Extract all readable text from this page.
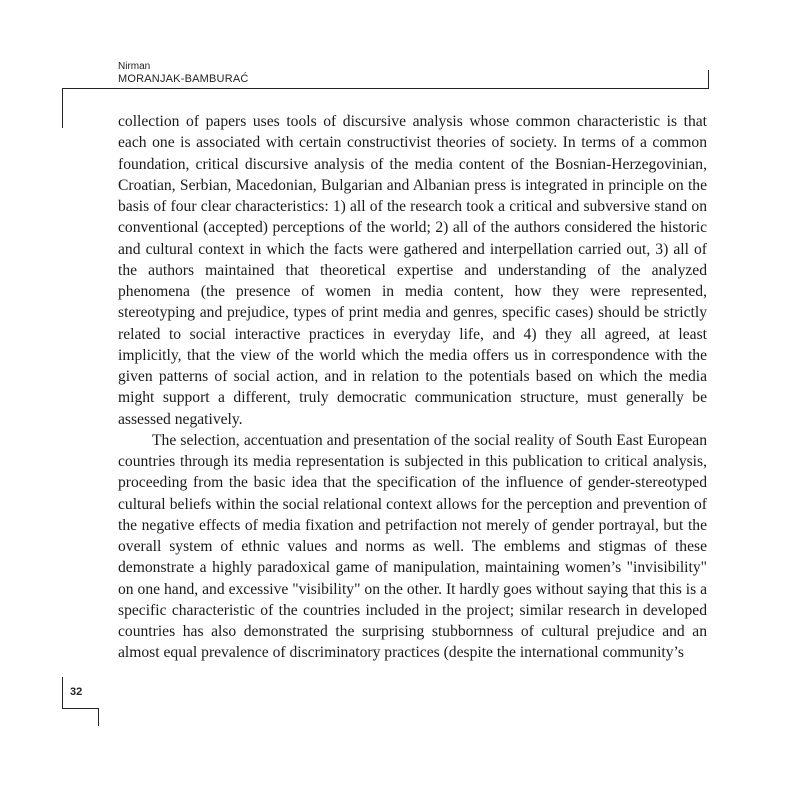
Nirman
MORANJAK-BAMBURAĆ

collection of papers uses tools of discursive analysis whose common characteristic is that each one is associated with certain constructivist theories of society. In terms of a common foundation, critical discursive analysis of the media content of the Bosnian-Herzegovinian, Croatian, Serbian, Macedonian, Bulgarian and Albanian press is integrated in principle on the basis of four clear characteristics: 1) all of the research took a critical and subversive stand on conventional (accepted) perceptions of the world; 2) all of the authors considered the historic and cultural context in which the facts were gathered and interpellation carried out, 3) all of the authors maintained that theoretical expertise and understanding of the analyzed phenomena (the presence of women in media content, how they were represented, stereotyping and prejudice, types of print media and genres, specific cases) should be strictly related to social interactive practices in everyday life, and 4) they all agreed, at least implicitly, that the view of the world which the media offers us in correspondence with the given patterns of social action, and in relation to the potentials based on which the media might support a different, truly democratic communication structure, must generally be assessed negatively.

The selection, accentuation and presentation of the social reality of South East European countries through its media representation is subjected in this publication to critical analysis, proceeding from the basic idea that the specification of the influence of gender-stereotyped cultural beliefs within the social relational context allows for the perception and prevention of the negative effects of media fixation and petrifaction not merely of gender portrayal, but the overall system of ethnic values and norms as well. The emblems and stigmas of these demonstrate a highly paradoxical game of manipulation, maintaining women’s "invisibility" on one hand, and excessive "visibility" on the other. It hardly goes without saying that this is a specific characteristic of the countries included in the project; similar research in developed countries has also demonstrated the surprising stubbornness of cultural prejudice and an almost equal prevalence of discriminatory practices (despite the international community’s

32
